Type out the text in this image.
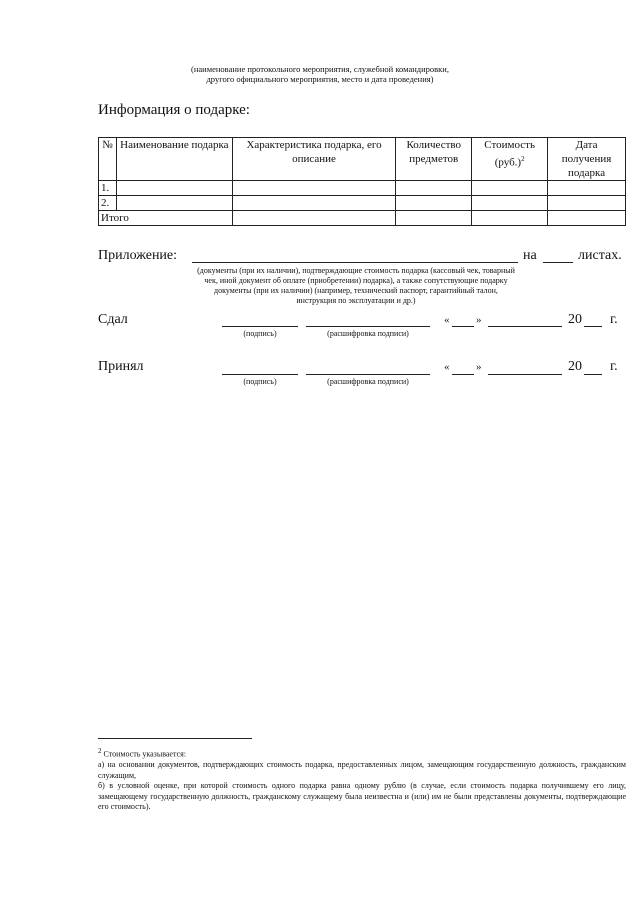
(наименование протокольного мероприятия, служебной командировки,
другого официального мероприятия, место и дата проведения)
Информация о подарке:
№	Наименование подарка	Характеристика подарка, его описание	Количество предметов	Стоимость $(руб.)^2$	Дата получения подарка
1.					
2.					
Итого					
Приложение:	на	листах.
(документы (при их наличии), подтверждающие стоимость подарка (кассовый чек, товарный чек, иной документ об оплате (приобретении) подарка), а также сопутствующие подарку документы (при их наличии) (например, технический паспорт, гарантийный талон, инструкция по эксплуатации и др.)
Сдал	« »	20 г.
(подпись)	(расшифровка подписи)
Принял	« »	20 г.
(подпись)	(расшифровка подписи)
2 Стоимость указывается:
а) на основании документов, подтверждающих стоимость подарка, предоставленных лицом, замещающим государственную должность, гражданским служащим,
б) в условной оценке, при которой стоимость одного подарка равна одному рублю (в случае, если стоимость подарка получившему его лицу, замещающему государственную должность, гражданскому служащему была неизвестна и (или) им не были представлены документы, подтверждающие его стоимость).
